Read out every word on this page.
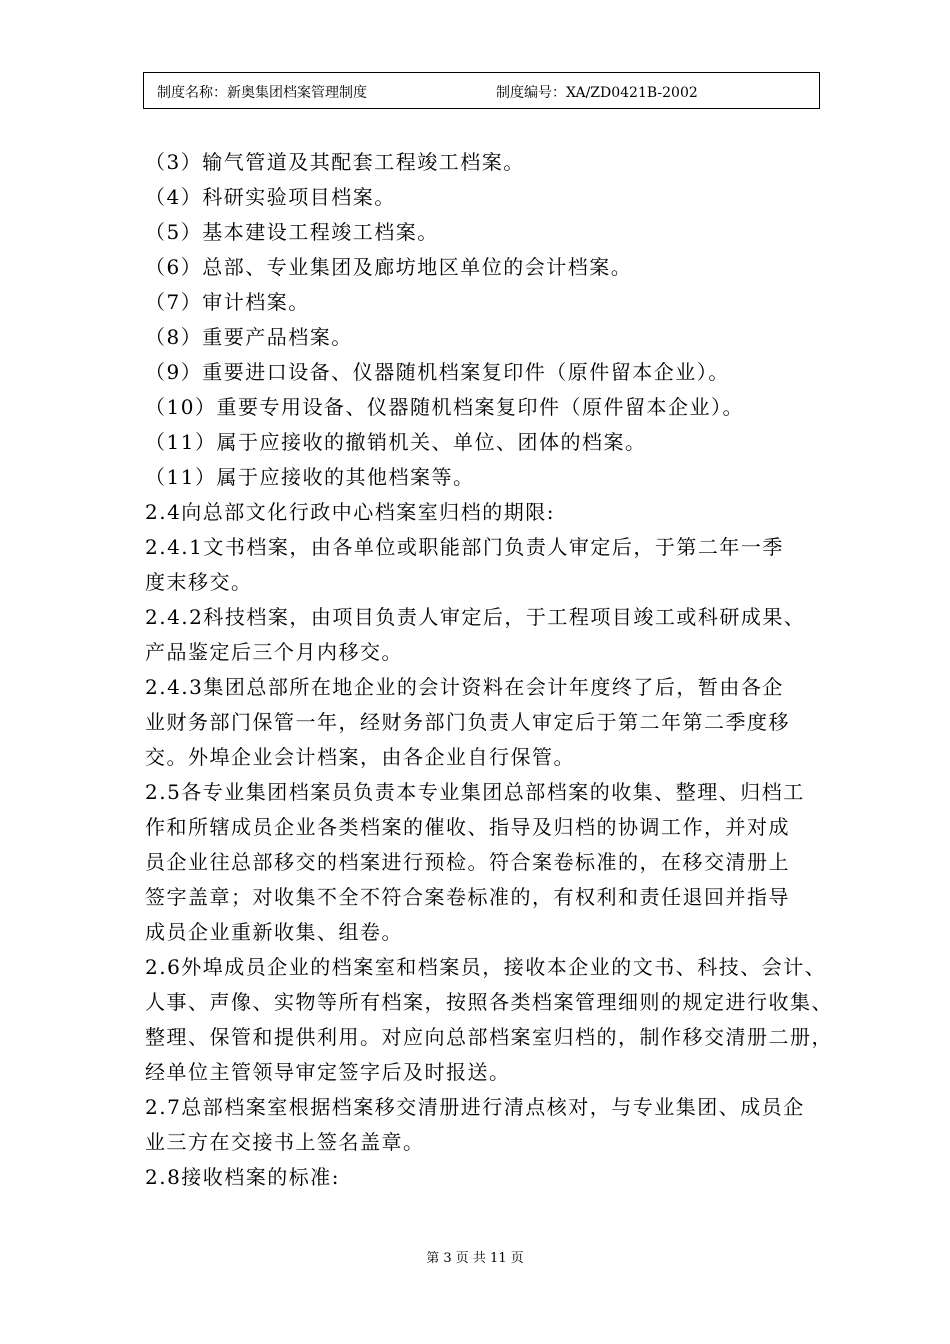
制度名称：新奥集团档案管理制度	制度编号：XA/ZD0421B-2002

（3）输气管道及其配套工程竣工档案。

（4）科研实验项目档案。

（5）基本建设工程竣工档案。

（6）总部、专业集团及廊坊地区单位的会计档案。

（7）审计档案。

（8）重要产品档案。

（9）重要进口设备、仪器随机档案复印件（原件留本企业）。

（10）重要专用设备、仪器随机档案复印件（原件留本企业）。

（11）属于应接收的撤销机关、单位、团体的档案。

（11）属于应接收的其他档案等。

2.4向总部文化行政中心档案室归档的期限:

2.4.1文书档案，由各单位或职能部门负责人审定后，于第二年一季

度末移交。

2.4.2科技档案，由项目负责人审定后，于工程项目竣工或科研成果、

产品鉴定后三个月内移交。

2.4.3集团总部所在地企业的会计资料在会计年度终了后，暂由各企

业财务部门保管一年，经财务部门负责人审定后于第二年第二季度移

交。外埠企业会计档案，由各企业自行保管。

2.5各专业集团档案员负责本专业集团总部档案的收集、整理、归档工

作和所辖成员企业各类档案的催收、指导及归档的协调工作，并对成

员企业往总部移交的档案进行预检。符合案卷标准的，在移交清册上

签字盖章；对收集不全不符合案卷标准的，有权利和责任退回并指导

成员企业重新收集、组卷。

2.6外埠成员企业的档案室和档案员，接收本企业的文书、科技、会计、

人事、声像、实物等所有档案，按照各类档案管理细则的规定进行收集、

整理、保管和提供利用。对应向总部档案室归档的，制作移交清册二册，

经单位主管领导审定签字后及时报送。

2.7总部档案室根据档案移交清册进行清点核对，与专业集团、成员企

业三方在交接书上签名盖章。

2.8接收档案的标准:

第 3 页 共 11 页
